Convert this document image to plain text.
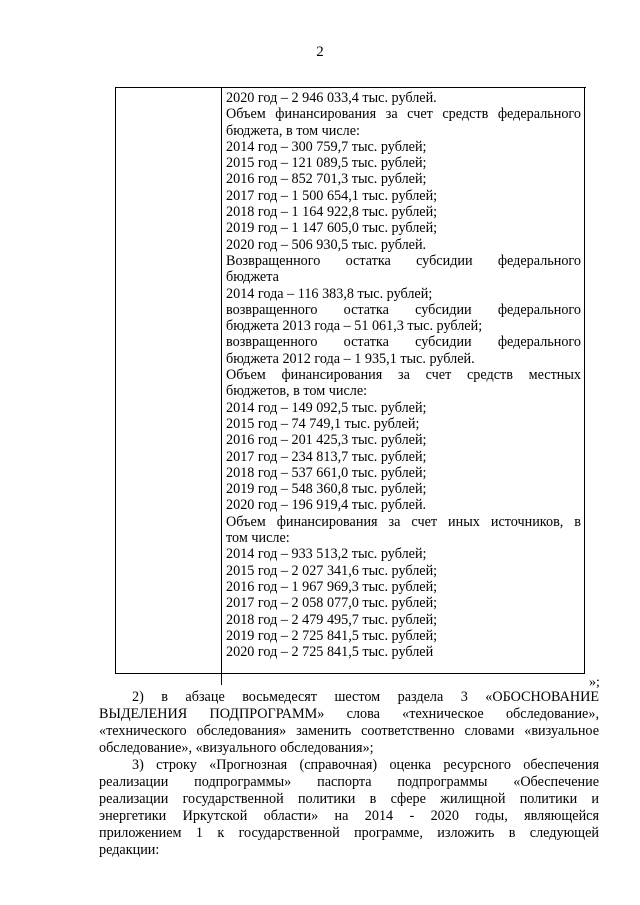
2
2020 год – 2 946 033,4 тыс. рублей.
Объем финансирования за счет средств федерального
бюджета, в том числе:
2014 год – 300 759,7 тыс. рублей;
2015 год – 121 089,5 тыс. рублей;
2016 год – 852 701,3 тыс. рублей;
2017 год – 1 500 654,1 тыс. рублей;
2018 год – 1 164 922,8 тыс. рублей;
2019 год – 1 147 605,0 тыс. рублей;
2020 год – 506 930,5 тыс. рублей.
Возвращенного остатка субсидии федерального
бюджета
2014 года – 116 383,8 тыс. рублей;
возвращенного остатка субсидии федерального
бюджета 2013 года – 51 061,3 тыс. рублей;
возвращенного остатка субсидии федерального
бюджета 2012 года – 1 935,1 тыс. рублей.
Объем финансирования за счет средств местных
бюджетов, в том числе:
2014 год – 149 092,5 тыс. рублей;
2015 год – 74 749,1 тыс. рублей;
2016 год – 201 425,3 тыс. рублей;
2017 год – 234 813,7 тыс. рублей;
2018 год – 537 661,0 тыс. рублей;
2019 год – 548 360,8 тыс. рублей;
2020 год – 196 919,4 тыс. рублей.
Объем финансирования за счет иных источников, в
том числе:
2014 год – 933 513,2 тыс. рублей;
2015 год – 2 027 341,6 тыс. рублей;
2016 год – 1 967 969,3 тыс. рублей;
2017 год – 2 058 077,0 тыс. рублей;
2018 год – 2 479 495,7 тыс. рублей;
2019 год – 2 725 841,5 тыс. рублей;
2020 год – 2 725 841,5 тыс. рублей
»;
2) в абзаце восьмедесят шестом раздела 3 «ОБОСНОВАНИЕ
ВЫДЕЛЕНИЯ ПОДПРОГРАММ» слова «техническое обследование»,
«технического обследования» заменить соответственно словами «визуальное
обследование», «визуального обследования»;
3) строку «Прогнозная (справочная) оценка ресурсного обеспечения
реализации подпрограммы» паспорта подпрограммы «Обеспечение
реализации государственной политики в сфере жилищной политики и
энергетики Иркутской области» на 2014 - 2020 годы, являющейся
приложением 1 к государственной программе, изложить в следующей
редакции:
